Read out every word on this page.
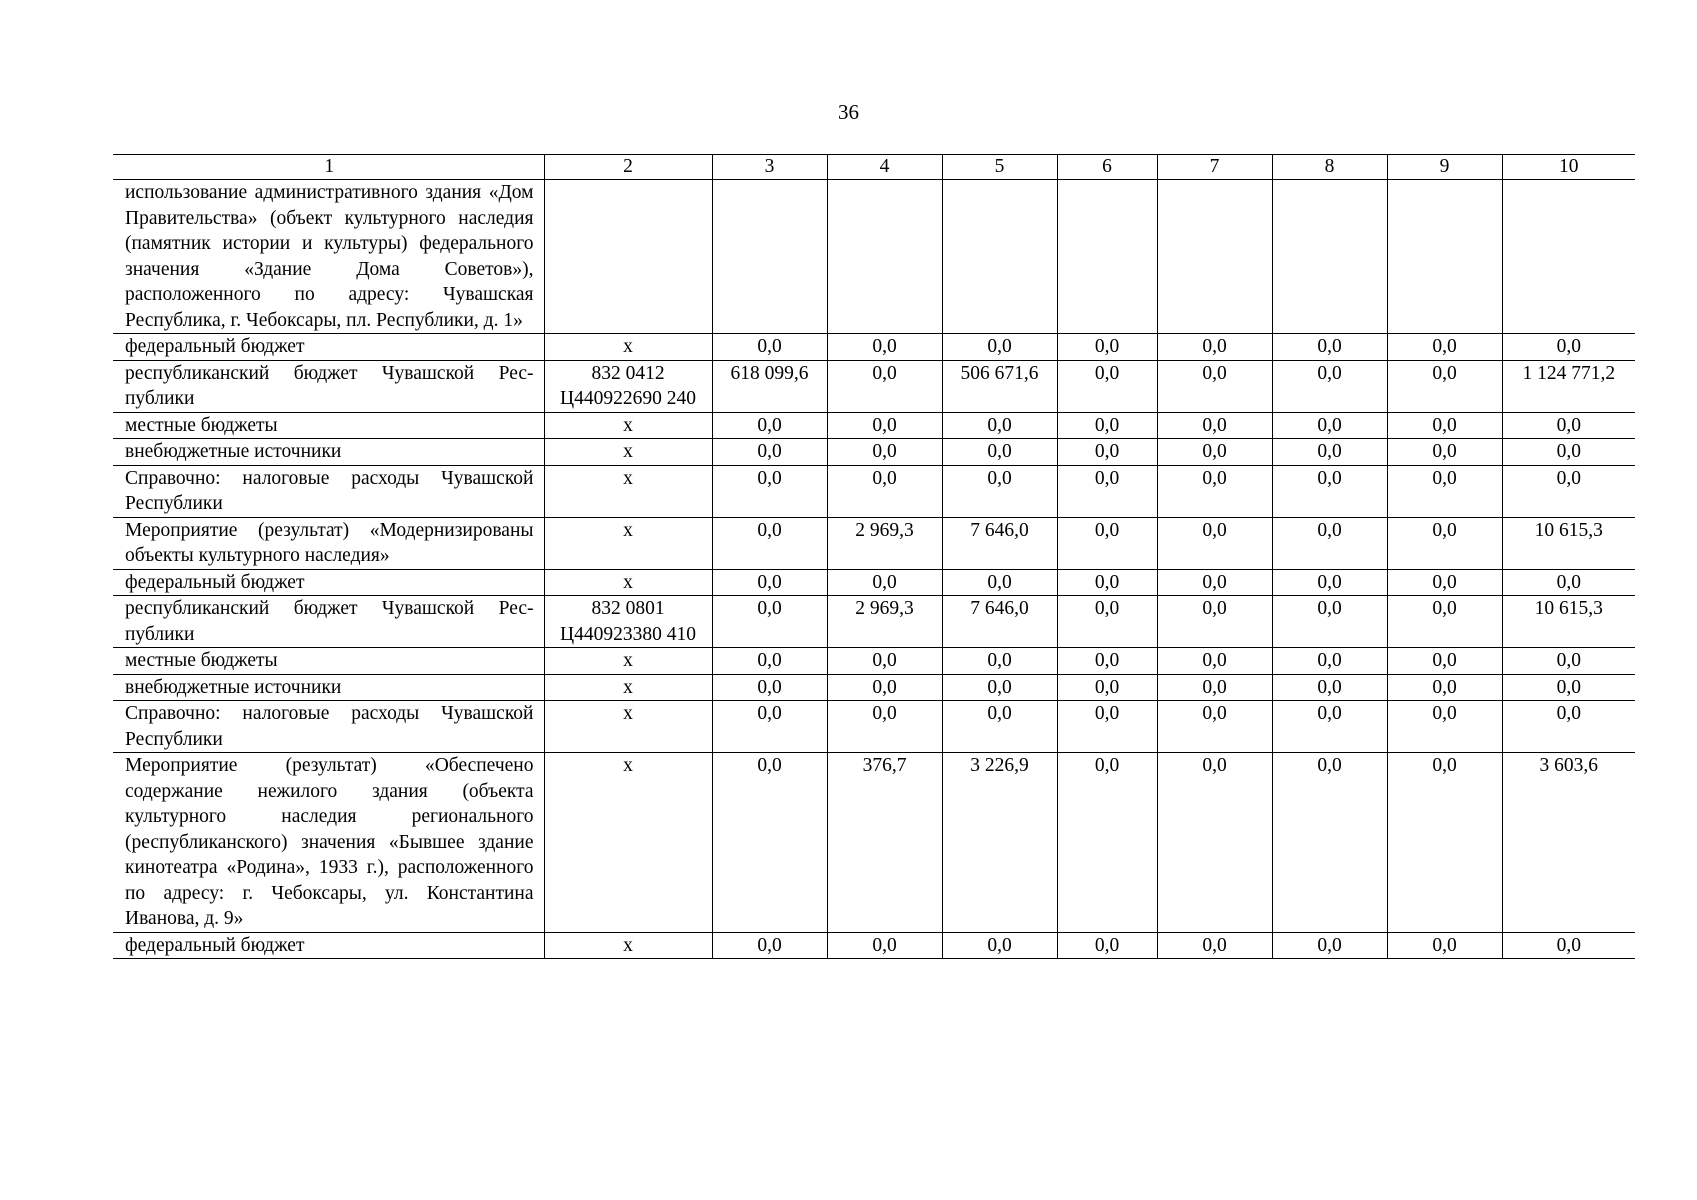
36
1	2	3	4	5	6	7	8	9	10
использование административного здания «Дом Правительства» (объект культурного наследия (памятник истории и культуры) федерального значения «Здание Дома Советов»), расположенного по адресу: Чувашская Республика, г. Чебоксары, пл. Республики, д. 1»									
федеральный бюджет	х	0,0	0,0	0,0	0,0	0,0	0,0	0,0	0,0
республиканский бюджет Чувашской Республики	832 0412 Ц440922690 240	618 099,6	0,0	506 671,6	0,0	0,0	0,0	0,0	1 124 771,2
местные бюджеты	х	0,0	0,0	0,0	0,0	0,0	0,0	0,0	0,0
внебюджетные источники	х	0,0	0,0	0,0	0,0	0,0	0,0	0,0	0,0
Справочно: налоговые расходы Чувашской Республики	х	0,0	0,0	0,0	0,0	0,0	0,0	0,0	0,0
Мероприятие (результат) «Модернизированы объекты культурного наследия»	х	0,0	2 969,3	7 646,0	0,0	0,0	0,0	0,0	10 615,3
федеральный бюджет	х	0,0	0,0	0,0	0,0	0,0	0,0	0,0	0,0
республиканский бюджет Чувашской Республики	832 0801 Ц440923380 410	0,0	2 969,3	7 646,0	0,0	0,0	0,0	0,0	10 615,3
местные бюджеты	х	0,0	0,0	0,0	0,0	0,0	0,0	0,0	0,0
внебюджетные источники	х	0,0	0,0	0,0	0,0	0,0	0,0	0,0	0,0
Справочно: налоговые расходы Чувашской Республики	х	0,0	0,0	0,0	0,0	0,0	0,0	0,0	0,0
Мероприятие (результат) «Обеспечено содержание нежилого здания (объекта культурного наследия регионального (республиканского) значения «Бывшее здание кинотеатра «Родина», 1933 г.), расположенного по адресу: г. Чебоксары, ул. Константина Иванова, д. 9»	х	0,0	376,7	3 226,9	0,0	0,0	0,0	0,0	3 603,6
федеральный бюджет	х	0,0	0,0	0,0	0,0	0,0	0,0	0,0	0,0
